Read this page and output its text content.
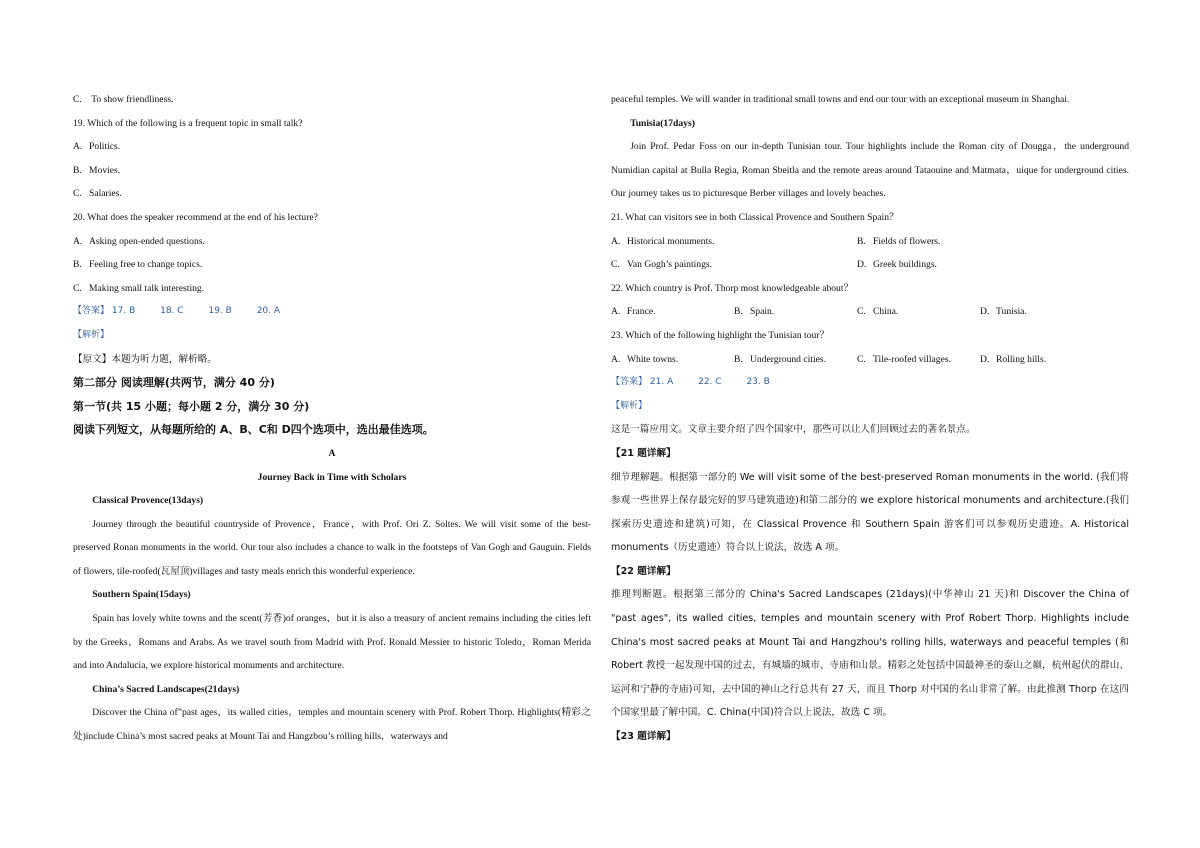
C. To show friendliness.
19. Which of the following is a frequent topic in small talk?
A. Politics.
B. Movies.
C. Salaries.
20. What does the speaker recommend at the end of his lecture?
A. Asking open-ended questions.
B. Feeling free to change topics.
C. Making small talk interesting.
【答案】 17. B	18. C	19. B	20. A
【解析】
【原文】本题为听力题，解析略。
第二部分 阅读理解(共两节，满分 40 分)
第一节(共 15 小题；每小题 2 分，满分 30 分)
阅读下列短文，从每题所给的 A、B、C和 D四个选项中，选出最佳选项。
A
Journey Back in Time with Scholars
Classical Provence(13days)
Journey through the beautiful countryside of Provence，France，with Prof. Ori Z. Soltes. We will visit some of the best-preserved Ronan monuments in the world. Our tour also includes a chance to walk in the footsteps of Van Gogh and Gauguin. Fields of flowers, tile-roofed(瓦屋顶)villages and tasty meals enrich this wonderful experience.
Southern Spain(15days)
Spain has lovely white towns and the scent(芳香)of oranges，but it is also a treasury of ancient remains including the cities left by the Greeks，Romans and Arabs. As we travel south from Madrid with Prof. Ronald Messier to historic Toledo，Roman Merida and into Andalucia, we explore historical monuments and architecture.
China’s Sacred Landscapes(21days)
Discover the China of”past ages，its walled cities，temples and mountain scenery with Prof. Robert Thorp. Highlights(精彩之处)include China’s most sacred peaks at Mount Tai and Hangzbou’s rolling hills，waterways and
peaceful temples. We will wander in traditional small towns and end our tour with an exceptional museum in Shanghai.
Tunisia(17days)
Join Prof. Pedar Foss on our in-depth Tunisian tour. Tour highlights include the Roman city of Dougga，the underground Numidian capital at Bulla Regia, Roman Sbeitla and the remote areas around Tataouine and Matmata，uique for underground cities. Our journey takes us to picturesque Berber villages and lovely beaches.
21. What can visitors see in both Classical Provence and Southern Spain？
A. Historical monuments.	B. Fields of flowers.
C. Van Gogh’s paintings.	D. Greek buildings.
22. Which country is Prof. Thorp most knowledgeable about？
A. France.	B. Spain.	C. China.	D. Tunisia.
23. Which of the following highlight the Tunisian tour？
A. White towns.	B. Underground cities.	C. Tile-roofed villages.	D. Rolling hills.
【答案】 21. A	22. C	23. B
【解析】
这是一篇应用文。文章主要介绍了四个国家中，那些可以让人们回顾过去的著名景点。
【21 题详解】
细节理解题。根据第一部分的 We will visit some of the best-preserved Roman monuments in the world. (我们将参观一些世界上保存最完好的罗马建筑遗迹)和第二部分的 we explore historical monuments and architecture.(我们探索历史遗迹和建筑)可知，在 Classical Provence 和 Southern Spain 游客们可以参观历史遗迹。A. Historical monuments（历史遗迹）符合以上说法，故选 A 项。
【22 题详解】
推理判断题。根据第三部分的 China's Sacred Landscapes (21days)(中华神山 21 天)和 Discover the China of "past ages", its walled cities, temples and mountain scenery with Prof Robert Thorp. Highlights include China's most sacred peaks at Mount Tai and Hangzhou's rolling hills, waterways and peaceful temples (和 Robert 教授一起发现中国的过去，有城墙的城市、寺庙和山景。精彩之处包括中国最神圣的泰山之巅，杭州起伏的群山、运河和宁静的寺庙)可知，去中国的神山之行总共有 27 天，而且 Thorp 对中国的名山非常了解。由此推测 Thorp 在这四个国家里最了解中国。C. China(中国)符合以上说法，故选 C 项。
【23 题详解】
